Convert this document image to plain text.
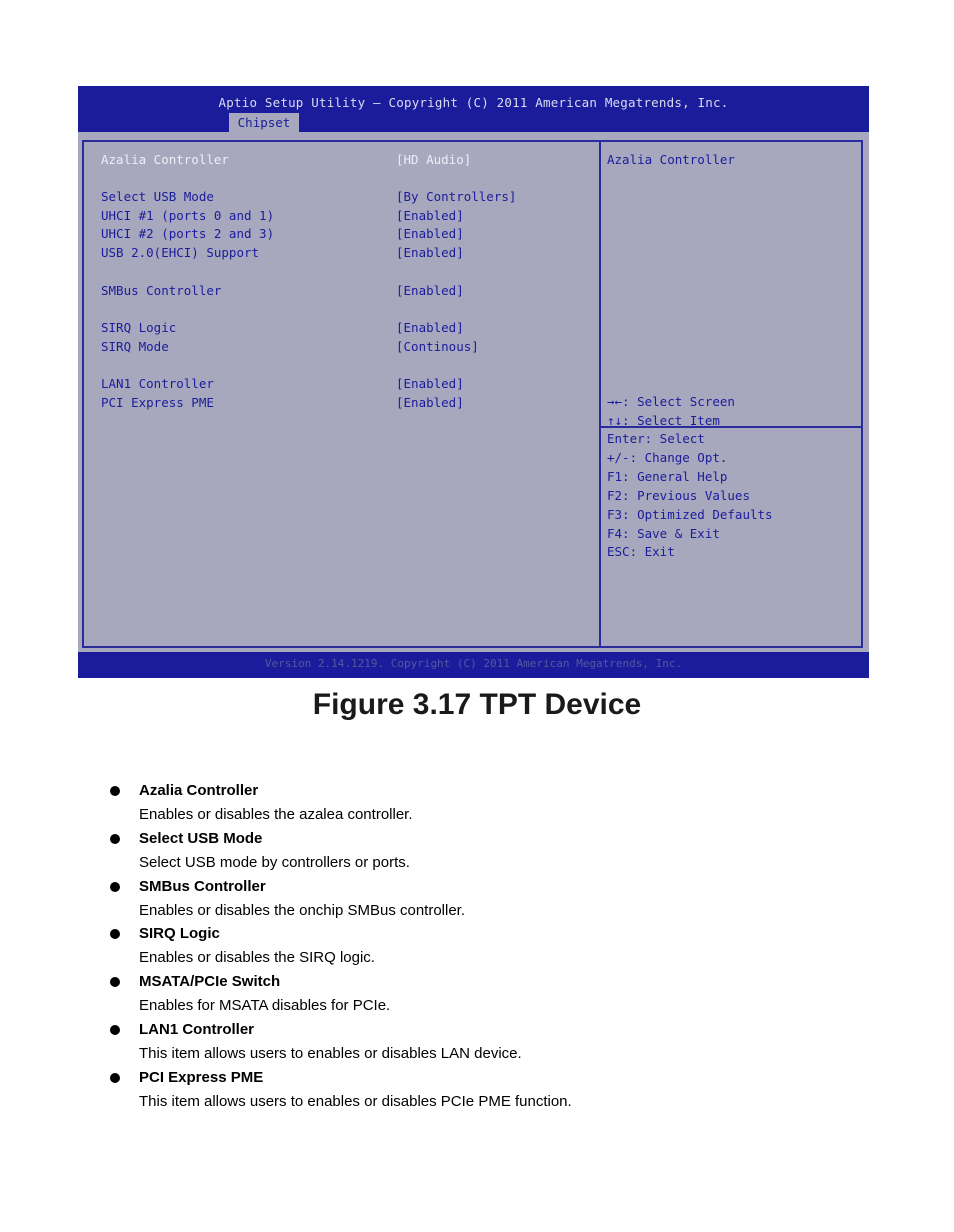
Aptio Setup Utility – Copyright (C) 2011 American Megatrends, Inc.
Chipset
Azalia Controller	[HD Audio]
Select USB Mode	[By Controllers]
UHCI #1 (ports 0 and 1)	[Enabled]
UHCI #2 (ports 2 and 3)	[Enabled]
USB 2.0(EHCI) Support	[Enabled]
SMBus Controller	[Enabled]
SIRQ Logic	[Enabled]
SIRQ Mode	[Continous]
LAN1 Controller	[Enabled]
PCI Express PME	[Enabled]
Azalia Controller
→←: Select Screen
↑↓: Select Item
Enter: Select
+/-: Change Opt.
F1: General Help
F2: Previous Values
F3: Optimized Defaults
F4: Save & Exit
ESC: Exit
Version 2.14.1219. Copyright (C) 2011 American Megatrends, Inc.
Figure 3.17 TPT Device
Azalia Controller
Enables or disables the azalea controller.
Select USB Mode
Select USB mode by controllers or ports.
SMBus Controller
Enables or disables the onchip SMBus controller.
SIRQ Logic
Enables or disables the SIRQ logic.
MSATA/PCIe Switch
Enables for MSATA disables for PCIe.
LAN1 Controller
This item allows users to enables or disables LAN device.
PCI Express PME
This item allows users to enables or disables PCIe PME function.
